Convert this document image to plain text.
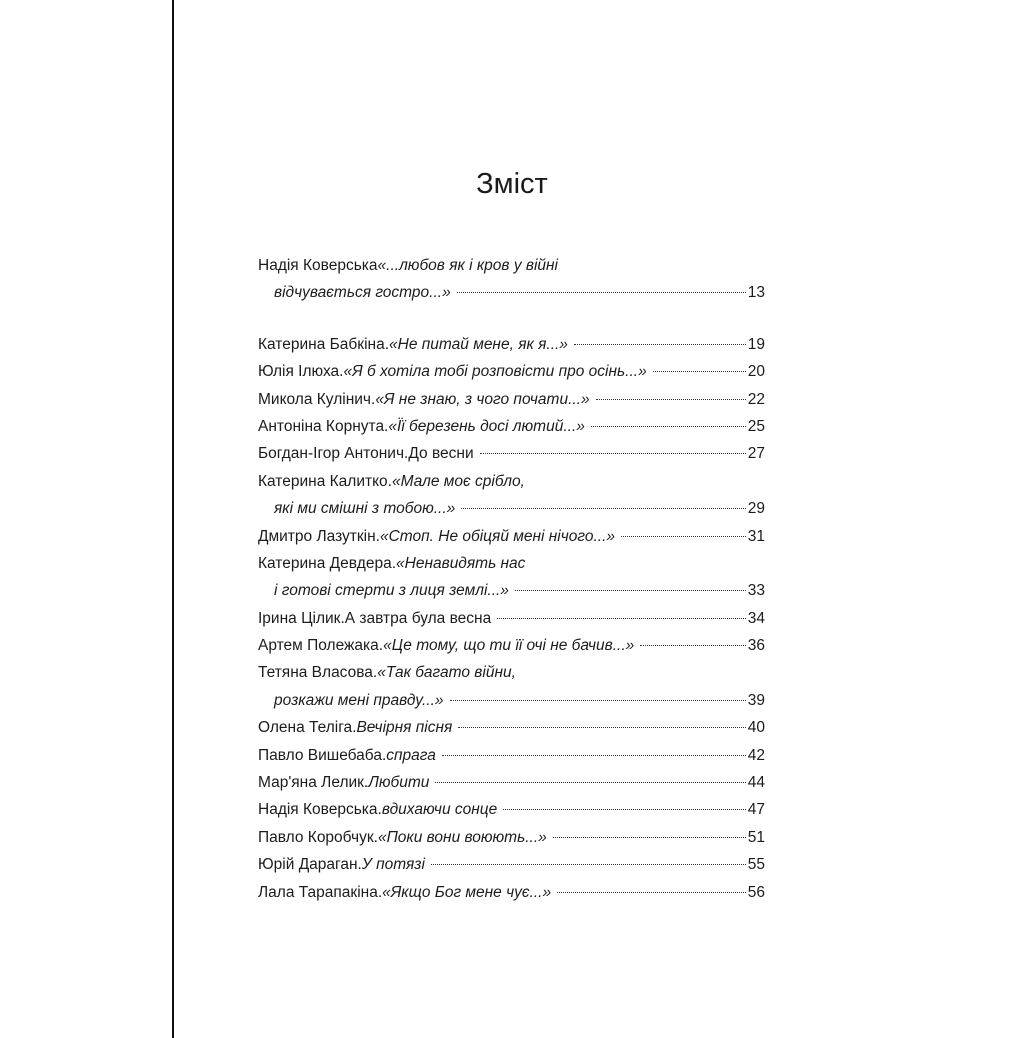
Зміст
Надія Коверська «...любов як і кров у війні
відчувається гостро...»	13
Катерина Бабкіна. «Не питай мене, як я...»	19
Юлія Ілюха. «Я б хотіла тобі розповісти про осінь...»	20
Микола Кулінич. «Я не знаю, з чого почати...»	22
Антоніна Корнута. «Її березень досі лютий...»	25
Богдан-Ігор Антонич. До весни	27
Катерина Калитко. «Мале моє срібло,
які ми смішні з тобою...»	29
Дмитро Лазуткін. «Стоп. Не обіцяй мені нічого...»	31
Катерина Девдера. «Ненавидять нас
і готові стерти з лиця землі...»	33
Ірина Цілик. А завтра була весна	34
Артем Полежака. «Це тому, що ти її очі не бачив...»	36
Тетяна Власова. «Так багато війни,
розкажи мені правду...»	39
Олена Теліга. Вечірня пісня	40
Павло Вишебаба. спрага	42
Мар'яна Лелик. Любити	44
Надія Коверська. вдихаючи сонце	47
Павло Коробчук. «Поки вони воюють...»	51
Юрій Дараган. У потязі	55
Лала Тарапакіна. «Якщо Бог мене чує...»	56
